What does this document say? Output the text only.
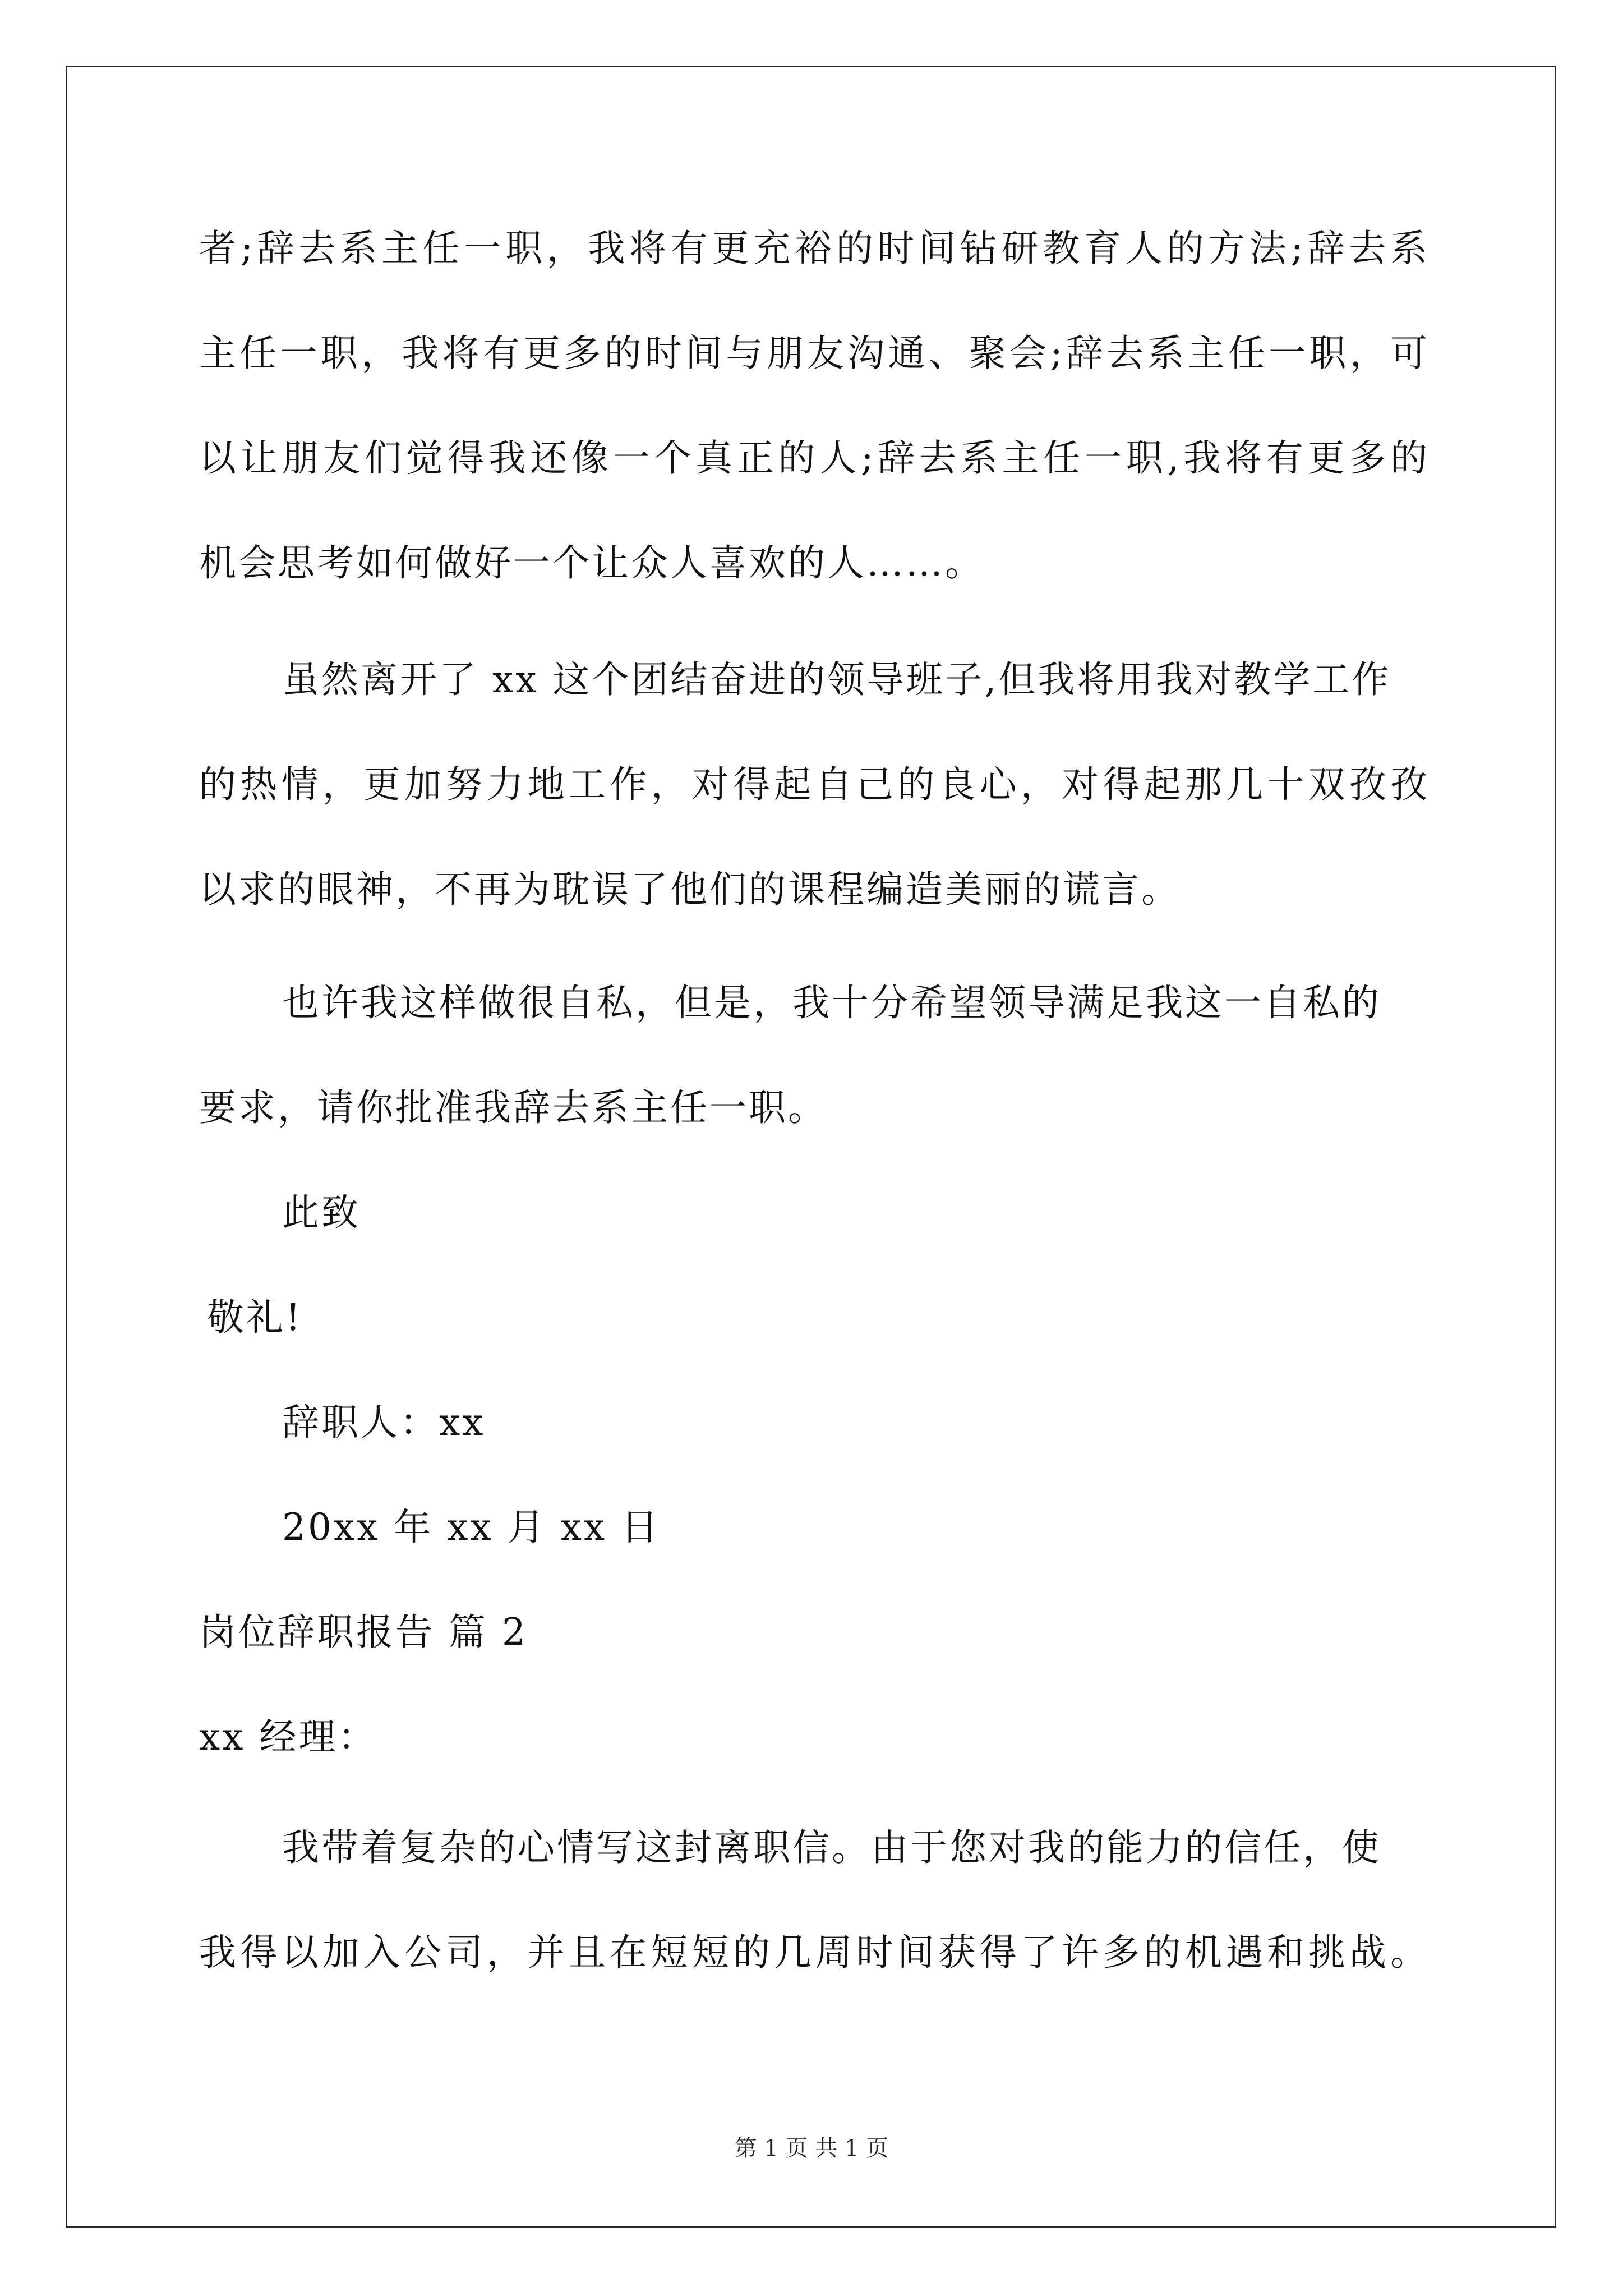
者;辞去系主任一职，我将有更充裕的时间钻研教育人的方法;辞去系
主任一职，我将有更多的时间与朋友沟通、聚会;辞去系主任一职，可
以让朋友们觉得我还像一个真正的人;辞去系主任一职,我将有更多的
机会思考如何做好一个让众人喜欢的人……。
虽然离开了 xx 这个团结奋进的领导班子,但我将用我对教学工作
的热情，更加努力地工作，对得起自己的良心，对得起那几十双孜孜
以求的眼神，不再为耽误了他们的课程编造美丽的谎言。
也许我这样做很自私，但是，我十分希望领导满足我这一自私的
要求，请你批准我辞去系主任一职。
此致
敬礼!
辞职人：xx
20xx 年 xx 月 xx 日
岗位辞职报告 篇 2
xx 经理：
我带着复杂的心情写这封离职信。由于您对我的能力的信任，使
我得以加入公司，并且在短短的几周时间获得了许多的机遇和挑战。
第 1 页 共 1 页
